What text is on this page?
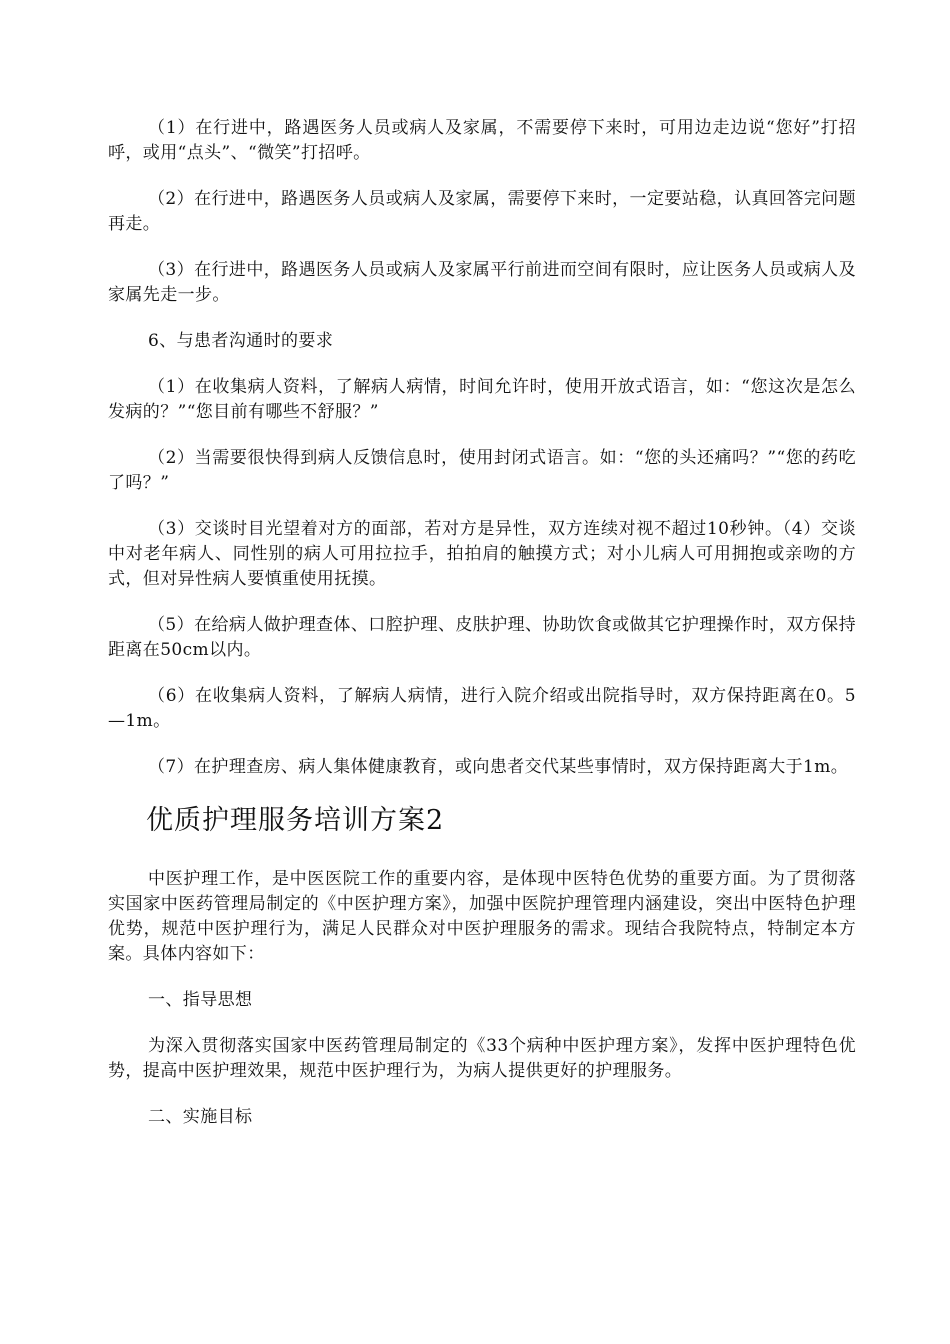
（1）在行进中，路遇医务人员或病人及家属，不需要停下来时，可用边走边说“您好”打招呼，或用“点头”、“微笑”打招呼。

（2）在行进中，路遇医务人员或病人及家属，需要停下来时，一定要站稳，认真回答完问题再走。

（3）在行进中，路遇医务人员或病人及家属平行前进而空间有限时，应让医务人员或病人及家属先走一步。

6、与患者沟通时的要求

（1）在收集病人资料，了解病人病情，时间允许时，使用开放式语言，如：“您这次是怎么发病的？”“您目前有哪些不舒服？”

（2）当需要很快得到病人反馈信息时，使用封闭式语言。如：“您的头还痛吗？”“您的药吃了吗？”

（3）交谈时目光望着对方的面部，若对方是异性，双方连续对视不超过10秒钟。（4）交谈中对老年病人、同性别的病人可用拉拉手，拍拍肩的触摸方式；对小儿病人可用拥抱或亲吻的方式，但对异性病人要慎重使用抚摸。

（5）在给病人做护理查体、口腔护理、皮肤护理、协助饮食或做其它护理操作时，双方保持距离在50cm以内。

（6）在收集病人资料，了解病人病情，进行入院介绍或出院指导时，双方保持距离在0。5—1m。

（7）在护理查房、病人集体健康教育，或向患者交代某些事情时，双方保持距离大于1m。

优质护理服务培训方案2

中医护理工作，是中医医院工作的重要内容，是体现中医特色优势的重要方面。为了贯彻落实国家中医药管理局制定的《中医护理方案》，加强中医院护理管理内涵建设，突出中医特色护理优势，规范中医护理行为，满足人民群众对中医护理服务的需求。现结合我院特点，特制定本方案。具体内容如下：

一、指导思想

为深入贯彻落实国家中医药管理局制定的《33个病种中医护理方案》，发挥中医护理特色优势，提高中医护理效果，规范中医护理行为，为病人提供更好的护理服务。

二、实施目标
